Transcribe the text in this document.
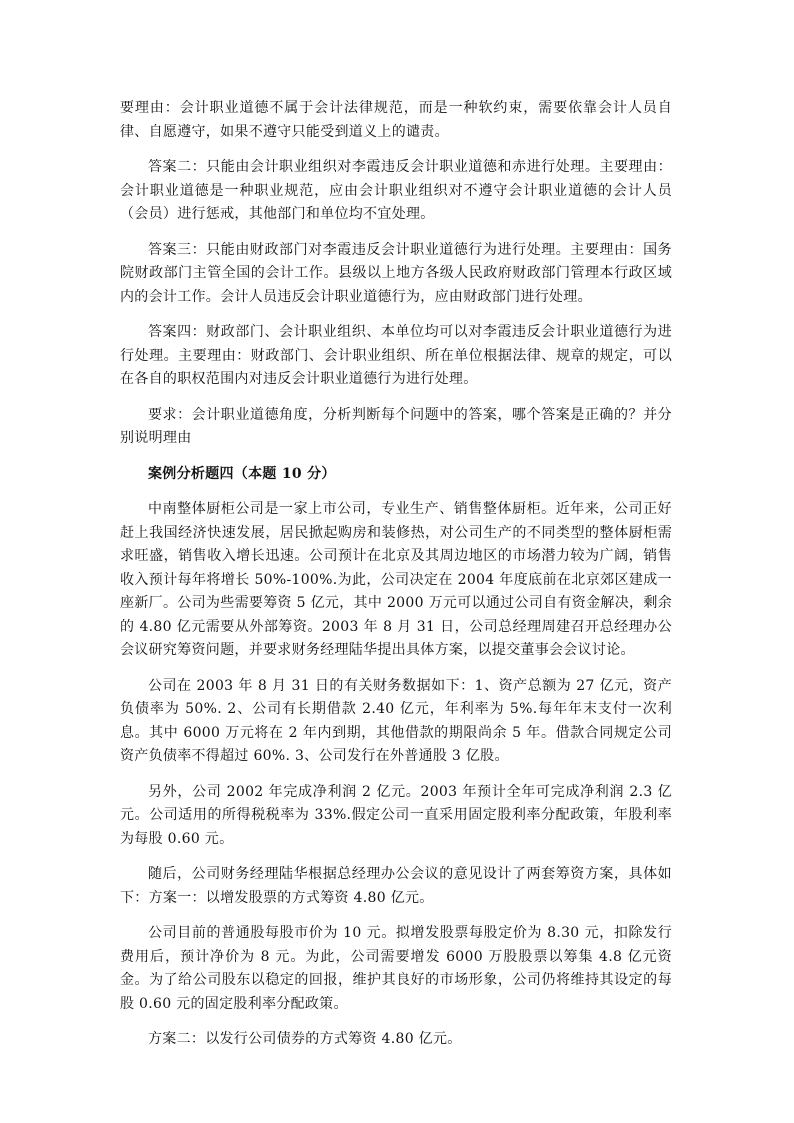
要理由：会计职业道德不属于会计法律规范，而是一种软约束，需要依靠会计人员自律、自愿遵守，如果不遵守只能受到道义上的谴责。

答案二：只能由会计职业组织对李霞违反会计职业道德和赤进行处理。主要理由：会计职业道德是一种职业规范，应由会计职业组织对不遵守会计职业道德的会计人员（会员）进行惩戒，其他部门和单位均不宜处理。

答案三：只能由财政部门对李霞违反会计职业道德行为进行处理。主要理由：国务院财政部门主管全国的会计工作。县级以上地方各级人民政府财政部门管理本行政区域内的会计工作。会计人员违反会计职业道德行为，应由财政部门进行处理。

答案四：财政部门、会计职业组织、本单位均可以对李霞违反会计职业道德行为进行处理。主要理由：财政部门、会计职业组织、所在单位根据法律、规章的规定，可以在各自的职权范围内对违反会计职业道德行为进行处理。

要求：会计职业道德角度，分析判断每个问题中的答案，哪个答案是正确的？并分别说明理由

案例分析题四（本题 10 分）

中南整体厨柜公司是一家上市公司，专业生产、销售整体厨柜。近年来，公司正好赶上我国经济快速发展，居民掀起购房和装修热，对公司生产的不同类型的整体厨柜需求旺盛，销售收入增长迅速。公司预计在北京及其周边地区的市场潜力较为广阔，销售收入预计每年将增长 50%-100%.为此，公司决定在 2004 年度底前在北京郊区建成一座新厂。公司为些需要筹资 5 亿元，其中 2000 万元可以通过公司自有资金解决，剩余的 4.80 亿元需要从外部筹资。2003 年 8 月 31 日，公司总经理周建召开总经理办公会议研究筹资问题，并要求财务经理陆华提出具体方案，以提交董事会会议讨论。

公司在 2003 年 8 月 31 日的有关财务数据如下：1、资产总额为 27 亿元，资产负债率为 50%. 2、公司有长期借款 2.40 亿元，年利率为 5%.每年年末支付一次利息。其中 6000 万元将在 2 年内到期，其他借款的期限尚余 5 年。借款合同规定公司资产负债率不得超过 60%. 3、公司发行在外普通股 3 亿股。

另外，公司 2002 年完成净利润 2 亿元。2003 年预计全年可完成净利润 2.3 亿元。公司适用的所得税税率为 33%.假定公司一直采用固定股利率分配政策，年股利率为每股 0.60 元。

随后，公司财务经理陆华根据总经理办公会议的意见设计了两套筹资方案，具体如下：方案一：以增发股票的方式筹资 4.80 亿元。

公司目前的普通股每股市价为 10 元。拟增发股票每股定价为 8.30 元，扣除发行费用后，预计净价为 8 元。为此，公司需要增发 6000 万股股票以筹集 4.8 亿元资金。为了给公司股东以稳定的回报，维护其良好的市场形象，公司仍将维持其设定的每股 0.60 元的固定股利率分配政策。

方案二：以发行公司债券的方式筹资 4.80 亿元。
